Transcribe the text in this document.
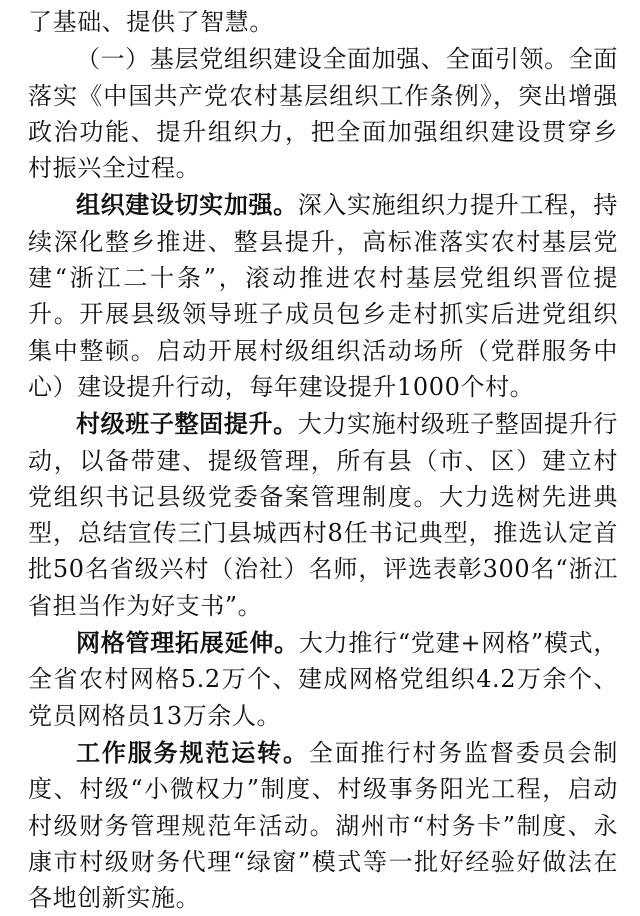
了基础、提供了智慧。

（一）基层党组织建设全面加强、全面引领。全面落实《中国共产党农村基层组织工作条例》，突出增强政治功能、提升组织力，把全面加强组织建设贯穿乡村振兴全过程。

组织建设切实加强。深入实施组织力提升工程，持续深化整乡推进、整县提升，高标准落实农村基层党建“浙江二十条”，滚动推进农村基层党组织晋位提升。开展县级领导班子成员包乡走村抓实后进党组织集中整顿。启动开展村级组织活动场所（党群服务中心）建设提升行动，每年建设提升1000个村。

村级班子整固提升。大力实施村级班子整固提升行动，以备带建、提级管理，所有县（市、区）建立村党组织书记县级党委备案管理制度。大力选树先进典型，总结宣传三门县城西村8任书记典型，推选认定首批50名省级兴村（治社）名师，评选表彰300名“浙江省担当作为好支书”。

网格管理拓展延伸。大力推行“党建+网格”模式，全省农村网格5.2万个、建成网格党组织4.2万余个、党员网格员13万余人。

工作服务规范运转。全面推行村务监督委员会制度、村级“小微权力”制度、村级事务阳光工程，启动村级财务管理规范年活动。湖州市“村务卡”制度、永康市村级财务代理“绿窗”模式等一批好经验好做法在各地创新实施。
